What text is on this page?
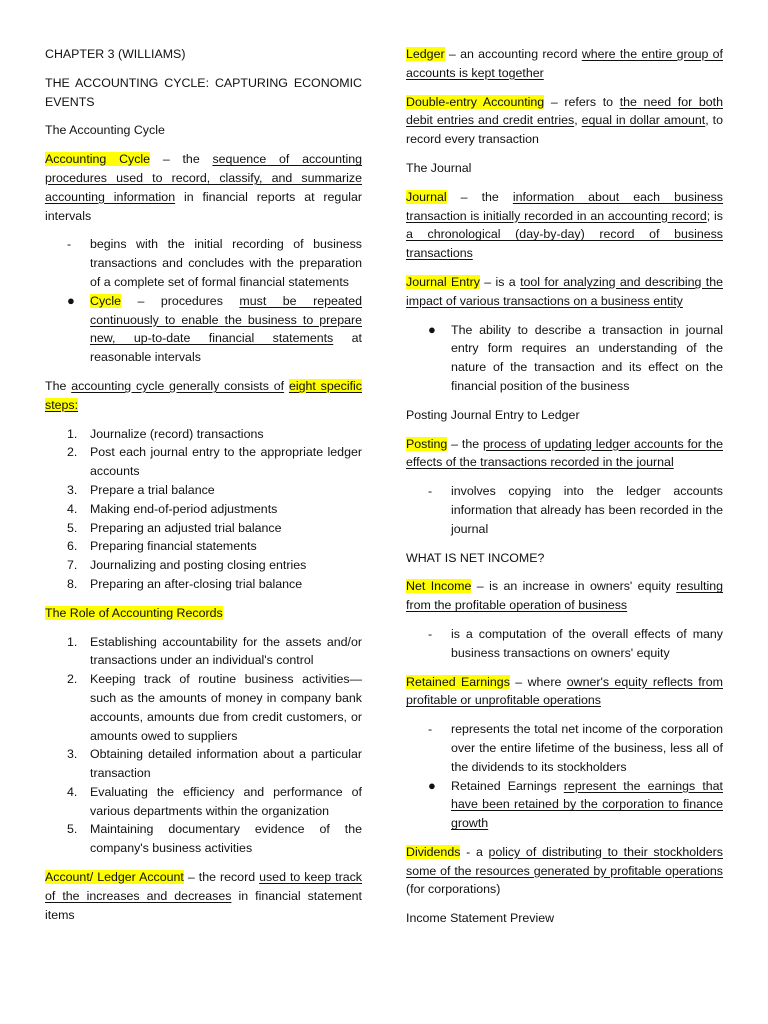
CHAPTER 3 (WILLIAMS)

THE ACCOUNTING CYCLE: CAPTURING ECONOMIC EVENTS

The Accounting Cycle

Accounting Cycle – the sequence of accounting procedures used to record, classify, and summarize accounting information in financial reports at regular intervals

- begins with the initial recording of business transactions and concludes with the preparation of a complete set of formal financial statements
● Cycle – procedures must be repeated continuously to enable the business to prepare new, up-to-date financial statements at reasonable intervals

The accounting cycle generally consists of eight specific steps:

1. Journalize (record) transactions
2. Post each journal entry to the appropriate ledger accounts
3. Prepare a trial balance
4. Making end-of-period adjustments
5. Preparing an adjusted trial balance
6. Preparing financial statements
7. Journalizing and posting closing entries
8. Preparing an after-closing trial balance

The Role of Accounting Records

1. Establishing accountability for the assets and/or transactions under an individual's control
2. Keeping track of routine business activities—such as the amounts of money in company bank accounts, amounts due from credit customers, or amounts owed to suppliers
3. Obtaining detailed information about a particular transaction
4. Evaluating the efficiency and performance of various departments within the organization
5. Maintaining documentary evidence of the company's business activities

Account/ Ledger Account – the record used to keep track of the increases and decreases in financial statement items

Ledger – an accounting record where the entire group of accounts is kept together

Double-entry Accounting – refers to the need for both debit entries and credit entries, equal in dollar amount, to record every transaction

The Journal

Journal – the information about each business transaction is initially recorded in an accounting record; is a chronological (day-by-day) record of business transactions

Journal Entry – is a tool for analyzing and describing the impact of various transactions on a business entity

● The ability to describe a transaction in journal entry form requires an understanding of the nature of the transaction and its effect on the financial position of the business

Posting Journal Entry to Ledger

Posting – the process of updating ledger accounts for the effects of the transactions recorded in the journal

- involves copying into the ledger accounts information that already has been recorded in the journal

WHAT IS NET INCOME?

Net Income – is an increase in owners' equity resulting from the profitable operation of business

- is a computation of the overall effects of many business transactions on owners' equity

Retained Earnings – where owner's equity reflects from profitable or unprofitable operations

- represents the total net income of the corporation over the entire lifetime of the business, less all of the dividends to its stockholders
● Retained Earnings represent the earnings that have been retained by the corporation to finance growth

Dividends - a policy of distributing to their stockholders some of the resources generated by profitable operations (for corporations)

Income Statement Preview
